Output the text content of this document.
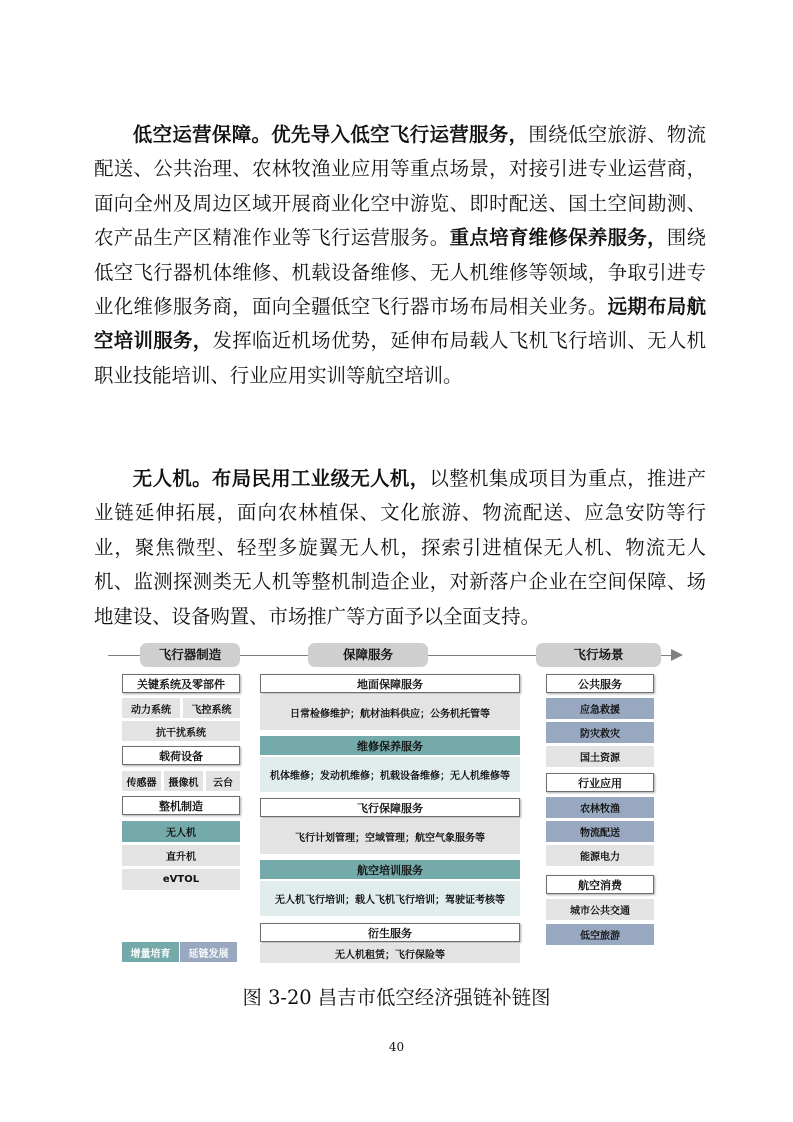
低空运营保障。优先导入低空飞行运营服务，围绕低空旅游、物流配送、公共治理、农林牧渔业应用等重点场景，对接引进专业运营商，面向全州及周边区域开展商业化空中游览、即时配送、国土空间勘测、农产品生产区精准作业等飞行运营服务。重点培育维修保养服务，围绕低空飞行器机体维修、机载设备维修、无人机维修等领域，争取引进专业化维修服务商，面向全疆低空飞行器市场布局相关业务。远期布局航空培训服务，发挥临近机场优势，延伸布局载人飞机飞行培训、无人机职业技能培训、行业应用实训等航空培训。
无人机。布局民用工业级无人机，以整机集成项目为重点，推进产业链延伸拓展，面向农林植保、文化旅游、物流配送、应急安防等行业，聚焦微型、轻型多旋翼无人机，探索引进植保无人机、物流无人机、监测探测类无人机等整机制造企业，对新落户企业在空间保障、场地建设、设备购置、市场推广等方面予以全面支持。
飞行器制造	保障服务	飞行场景
关键系统及零部件
动力系统	飞控系统
抗干扰系统
载荷设备
传感器	摄像机	云台
整机制造
无人机
直升机
eVTOL
地面保障服务
日常检修维护；航材油料供应；公务机托管等
维修保养服务
机体维修；发动机维修；机载设备维修；无人机维修等
飞行保障服务
飞行计划管理；空域管理；航空气象服务等
航空培训服务
无人机飞行培训；载人飞机飞行培训；驾驶证考核等
衍生服务
无人机租赁；飞行保险等
公共服务
应急救援
防灾救灾
国土资源
行业应用
农林牧渔
物流配送
能源电力
航空消费
城市公共交通
低空旅游
增量培育	延链发展
图 3-20 昌吉市低空经济强链补链图
40
